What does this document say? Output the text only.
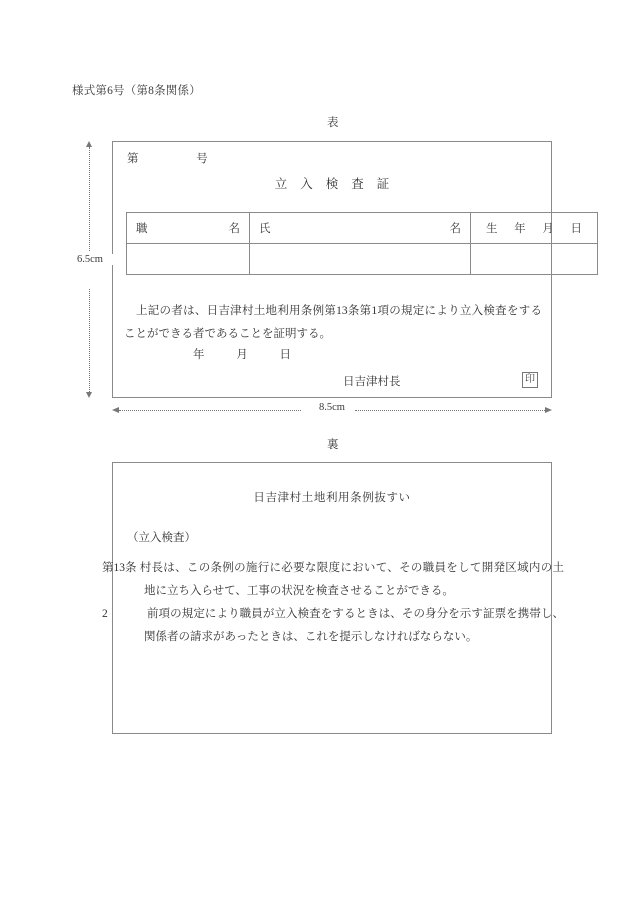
様式第6号（第8条関係）
表
第	号
立入検査証
職 名	氏 名	生 年 月 日

上記の者は、日吉津村土地利用条例第13条第1項の規定により立入検査をすることができる者であることを証明する。
年	月	日
日吉津村長	印
6.5cm
8.5cm
裏
日吉津村土地利用条例抜すい
（立入検査）
第13条 村長は、この条例の施行に必要な限度において、その職員をして開発区域内の土地に立ち入らせて、工事の状況を検査させることができる。
2	前項の規定により職員が立入検査をするときは、その身分を示す証票を携帯し、関係者の請求があったときは、これを提示しなければならない。
